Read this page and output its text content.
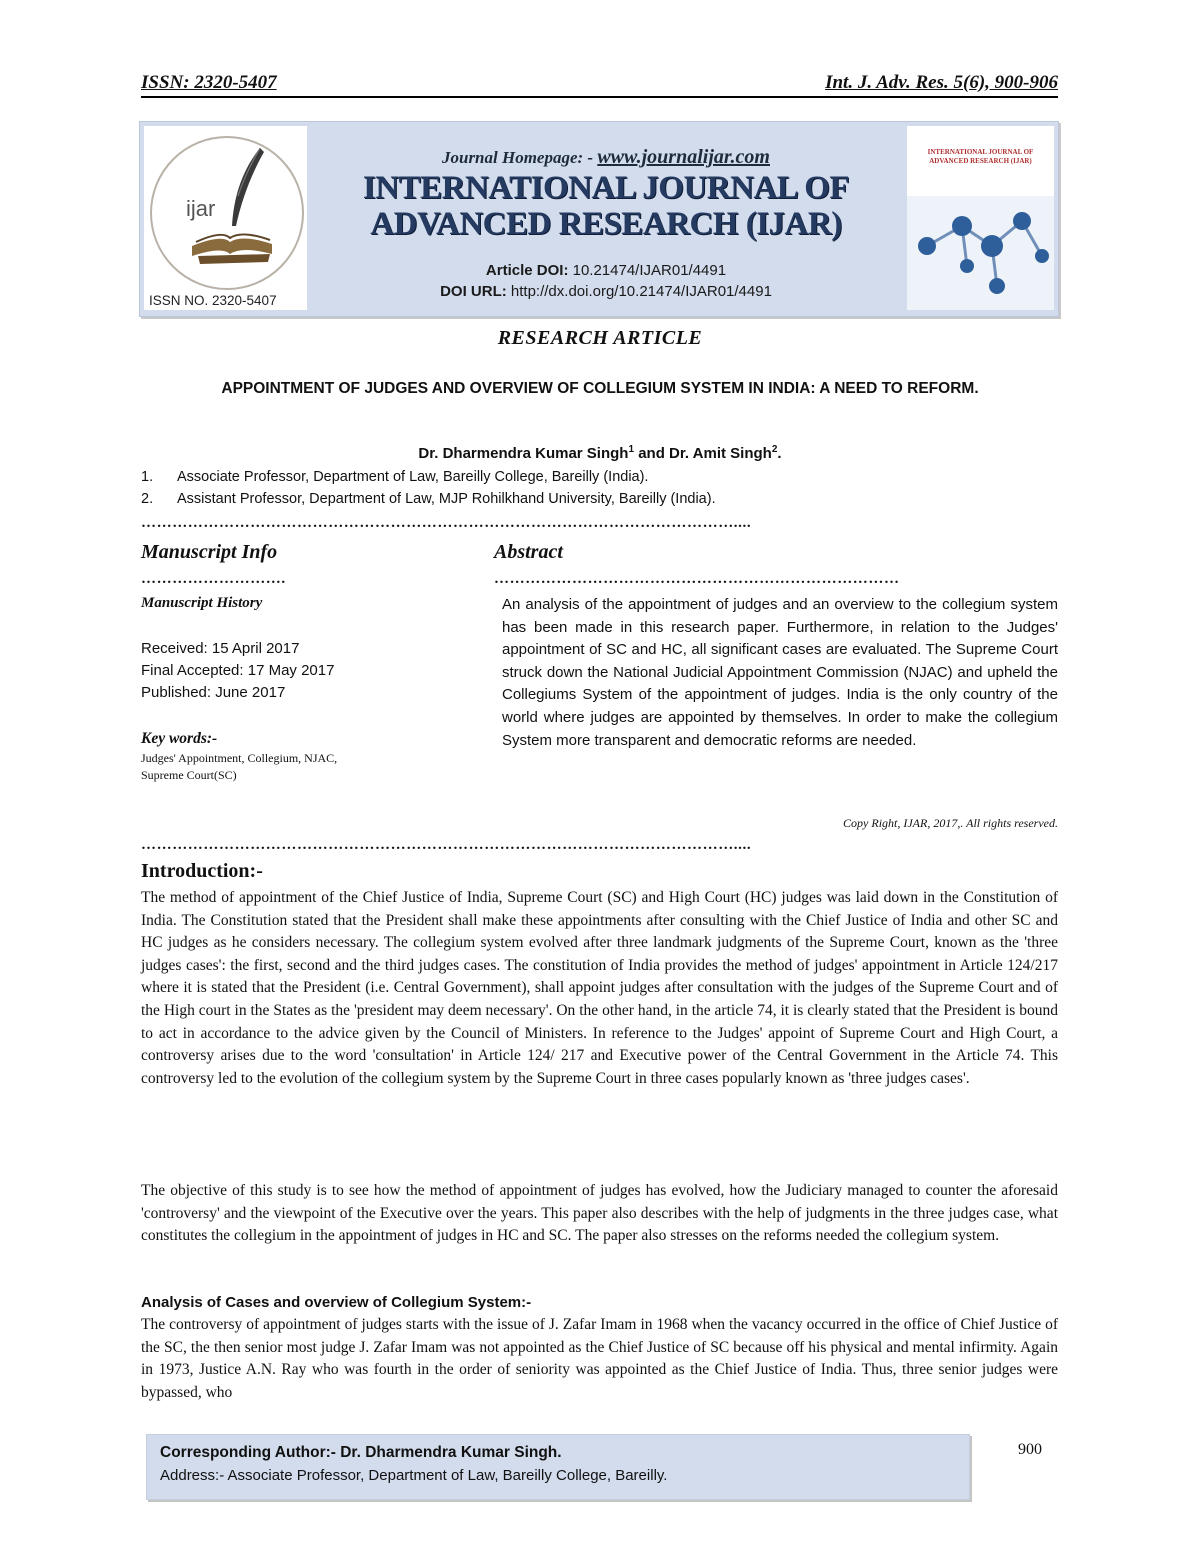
ISSN: 2320-5407	Int. J. Adv. Res. 5(6), 900-906
ijar
ISSN NO. 2320-5407
Journal Homepage: - www.journalijar.com
INTERNATIONAL JOURNAL OF
ADVANCED RESEARCH (IJAR)
Article DOI: 10.21474/IJAR01/4491
DOI URL: http://dx.doi.org/10.21474/IJAR01/4491
INTERNATIONAL JOURNAL OF ADVANCED RESEARCH (IJAR)
RESEARCH ARTICLE
APPOINTMENT OF JUDGES AND OVERVIEW OF COLLEGIUM SYSTEM IN INDIA: A NEED TO REFORM.
Dr. Dharmendra Kumar Singh$^1$ and Dr. Amit Singh$^2$.
1. Associate Professor, Department of Law, Bareilly College, Bareilly (India).
2. Assistant Professor, Department of Law, MJP Rohilkhand University, Bareilly (India).
……………………………………………………………………………………………………....
Manuscript Info
……………………….
Manuscript History
Received: 15 April 2017
Final Accepted: 17 May 2017
Published: June 2017
Key words:-
Judges' Appointment, Collegium, NJAC, Supreme Court(SC)
Abstract
……………………………………………………………………
An analysis of the appointment of judges and an overview to the collegium system has been made in this research paper. Furthermore, in relation to the Judges' appointment of SC and HC, all significant cases are evaluated. The Supreme Court struck down the National Judicial Appointment Commission (NJAC) and upheld the Collegiums System of the appointment of judges. India is the only country of the world where judges are appointed by themselves. In order to make the collegium System more transparent and democratic reforms are needed.
Copy Right, IJAR, 2017,. All rights reserved.
……………………………………………………………………………………………………....
Introduction:-
The method of appointment of the Chief Justice of India, Supreme Court (SC) and High Court (HC) judges was laid down in the Constitution of India. The Constitution stated that the President shall make these appointments after consulting with the Chief Justice of India and other SC and HC judges as he considers necessary. The collegium system evolved after three landmark judgments of the Supreme Court, known as the 'three judges cases': the first, second and the third judges cases. The constitution of India provides the method of judges' appointment in Article 124/217 where it is stated that the President (i.e. Central Government), shall appoint judges after consultation with the judges of the Supreme Court and of the High court in the States as the 'president may deem necessary'. On the other hand, in the article 74, it is clearly stated that the President is bound to act in accordance to the advice given by the Council of Ministers. In reference to the Judges' appoint of Supreme Court and High Court, a controversy arises due to the word 'consultation' in Article 124/ 217 and Executive power of the Central Government in the Article 74. This controversy led to the evolution of the collegium system by the Supreme Court in three cases popularly known as 'three judges cases'.
The objective of this study is to see how the method of appointment of judges has evolved, how the Judiciary managed to counter the aforesaid 'controversy' and the viewpoint of the Executive over the years. This paper also describes with the help of judgments in the three judges case, what constitutes the collegium in the appointment of judges in HC and SC. The paper also stresses on the reforms needed the collegium system.
Analysis of Cases and overview of Collegium System:-
The controversy of appointment of judges starts with the issue of J. Zafar Imam in 1968 when the vacancy occurred in the office of Chief Justice of the SC, the then senior most judge J. Zafar Imam was not appointed as the Chief Justice of SC because off his physical and mental infirmity. Again in 1973, Justice A.N. Ray who was fourth in the order of seniority was appointed as the Chief Justice of India. Thus, three senior judges were bypassed, who
Corresponding Author:- Dr. Dharmendra Kumar Singh.
Address:- Associate Professor, Department of Law, Bareilly College, Bareilly.
900
